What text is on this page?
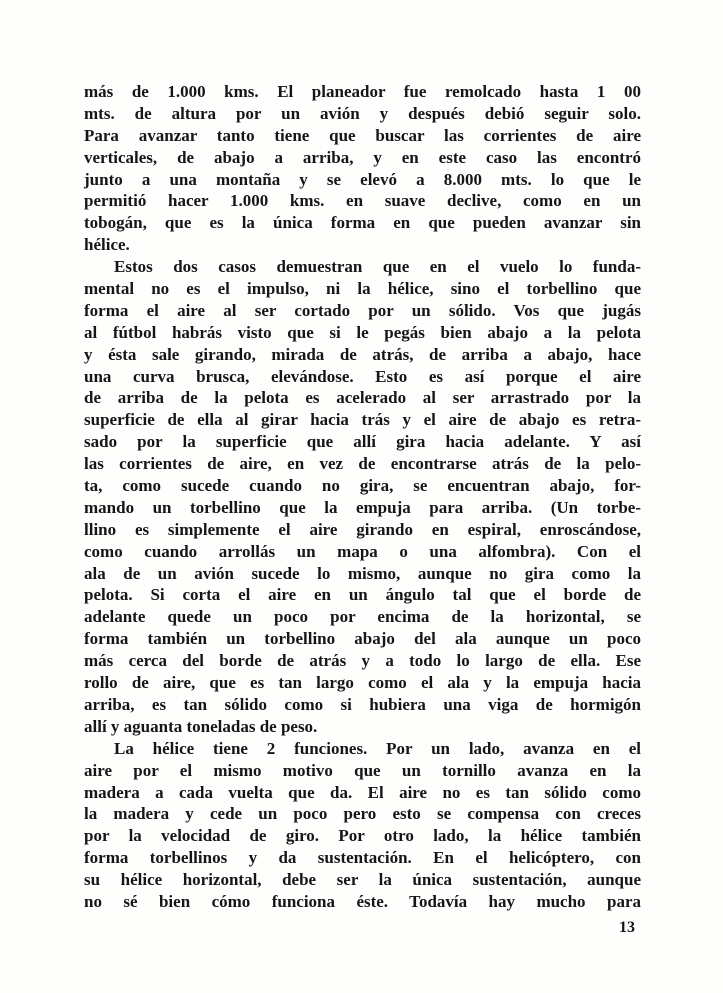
más de 1.000 kms. El planeador fue remolcado hasta 1 00
mts. de altura por un avión y después debió seguir solo.
Para avanzar tanto tiene que buscar las corrientes de aire
verticales, de abajo a arriba, y en este caso las encontró
junto a una montaña y se elevó a 8.000 mts. lo que le
permitió hacer 1.000 kms. en suave declive, como en un
tobogán, que es la única forma en que pueden avanzar sin
hélice.
Estos dos casos demuestran que en el vuelo lo funda-
mental no es el impulso, ni la hélice, sino el torbellino que
forma el aire al ser cortado por un sólido. Vos que jugás
al fútbol habrás visto que si le pegás bien abajo a la pelota
y ésta sale girando, mirada de atrás, de arriba a abajo, hace
una curva brusca, elevándose. Esto es así porque el aire
de arriba de la pelota es acelerado al ser arrastrado por la
superficie de ella al girar hacia trás y el aire de abajo es retra-
sado por la superficie que allí gira hacia adelante. Y así
las corrientes de aire, en vez de encontrarse atrás de la pelo-
ta, como sucede cuando no gira, se encuentran abajo, for-
mando un torbellino que la empuja para arriba. (Un torbe-
llino es simplemente el aire girando en espiral, enroscándose,
como cuando arrollás un mapa o una alfombra). Con el
ala de un avión sucede lo mismo, aunque no gira como la
pelota. Si corta el aire en un ángulo tal que el borde de
adelante quede un poco por encima de la horizontal, se
forma también un torbellino abajo del ala aunque un poco
más cerca del borde de atrás y a todo lo largo de ella. Ese
rollo de aire, que es tan largo como el ala y la empuja hacia
arriba, es tan sólido como si hubiera una viga de hormigón
allí y aguanta toneladas de peso.
La hélice tiene 2 funciones. Por un lado, avanza en el
aire por el mismo motivo que un tornillo avanza en la
madera a cada vuelta que da. El aire no es tan sólido como
la madera y cede un poco pero esto se compensa con creces
por la velocidad de giro. Por otro lado, la hélice también
forma torbellinos y da sustentación. En el helicóptero, con
su hélice horizontal, debe ser la única sustentación, aunque
no sé bien cómo funciona éste. Todavía hay mucho para
13
